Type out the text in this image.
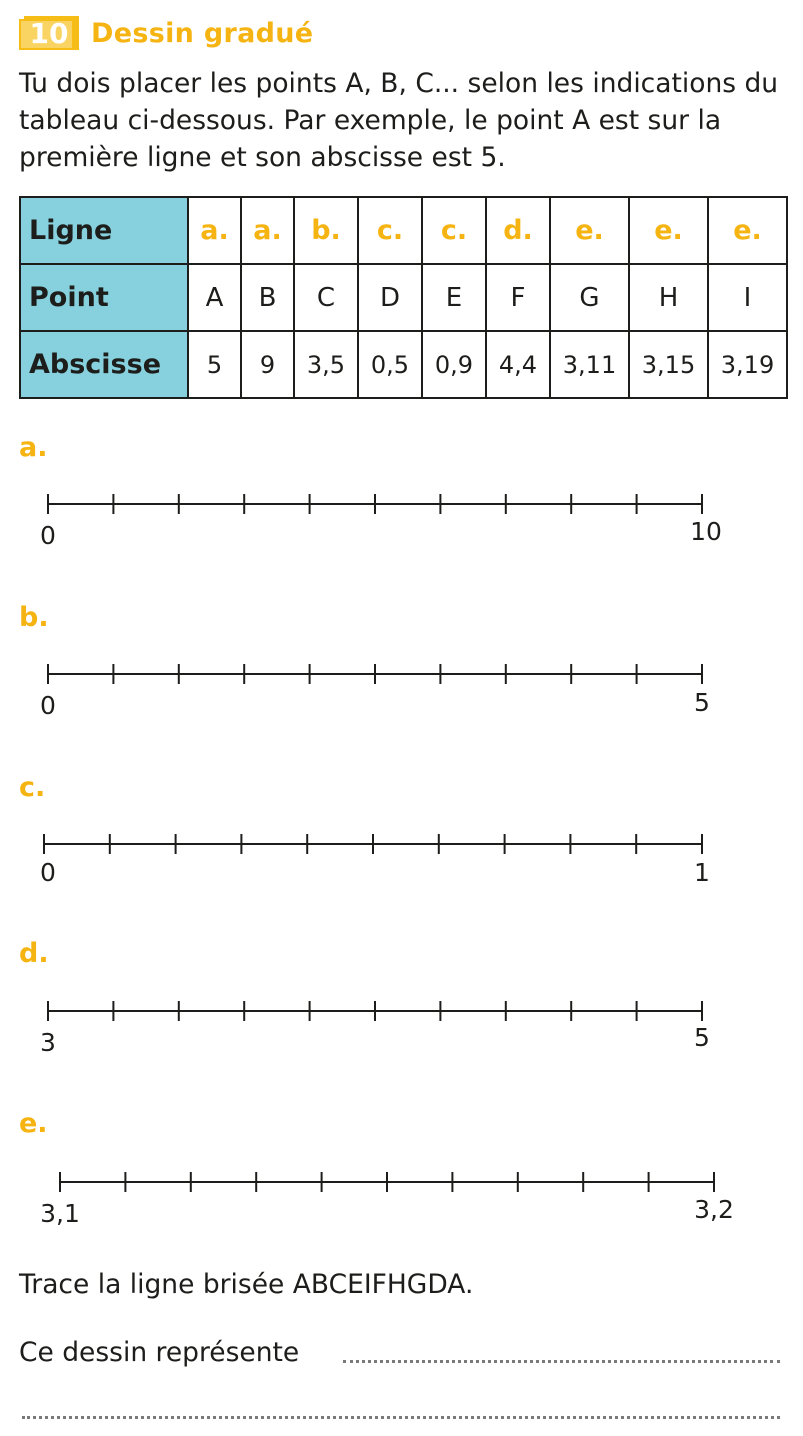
10 Dessin gradué

Tu dois placer les points A, B, C... selon les indications du tableau ci-dessous. Par exemple, le point A est sur la première ligne et son abscisse est 5.

Ligne	a.	a.	b.	c.	c.	d.	e.	e.	e.
Point	A	B	C	D	E	F	G	H	I
Abscisse	5	9	3,5	0,5	0,9	4,4	3,11	3,15	3,19
a.
0	10
b.
0	5
c.
0	1
d.
3	5
e.
3,1	3,2
Trace la ligne brisée ABCEIFHGDA.
Ce dessin représente
